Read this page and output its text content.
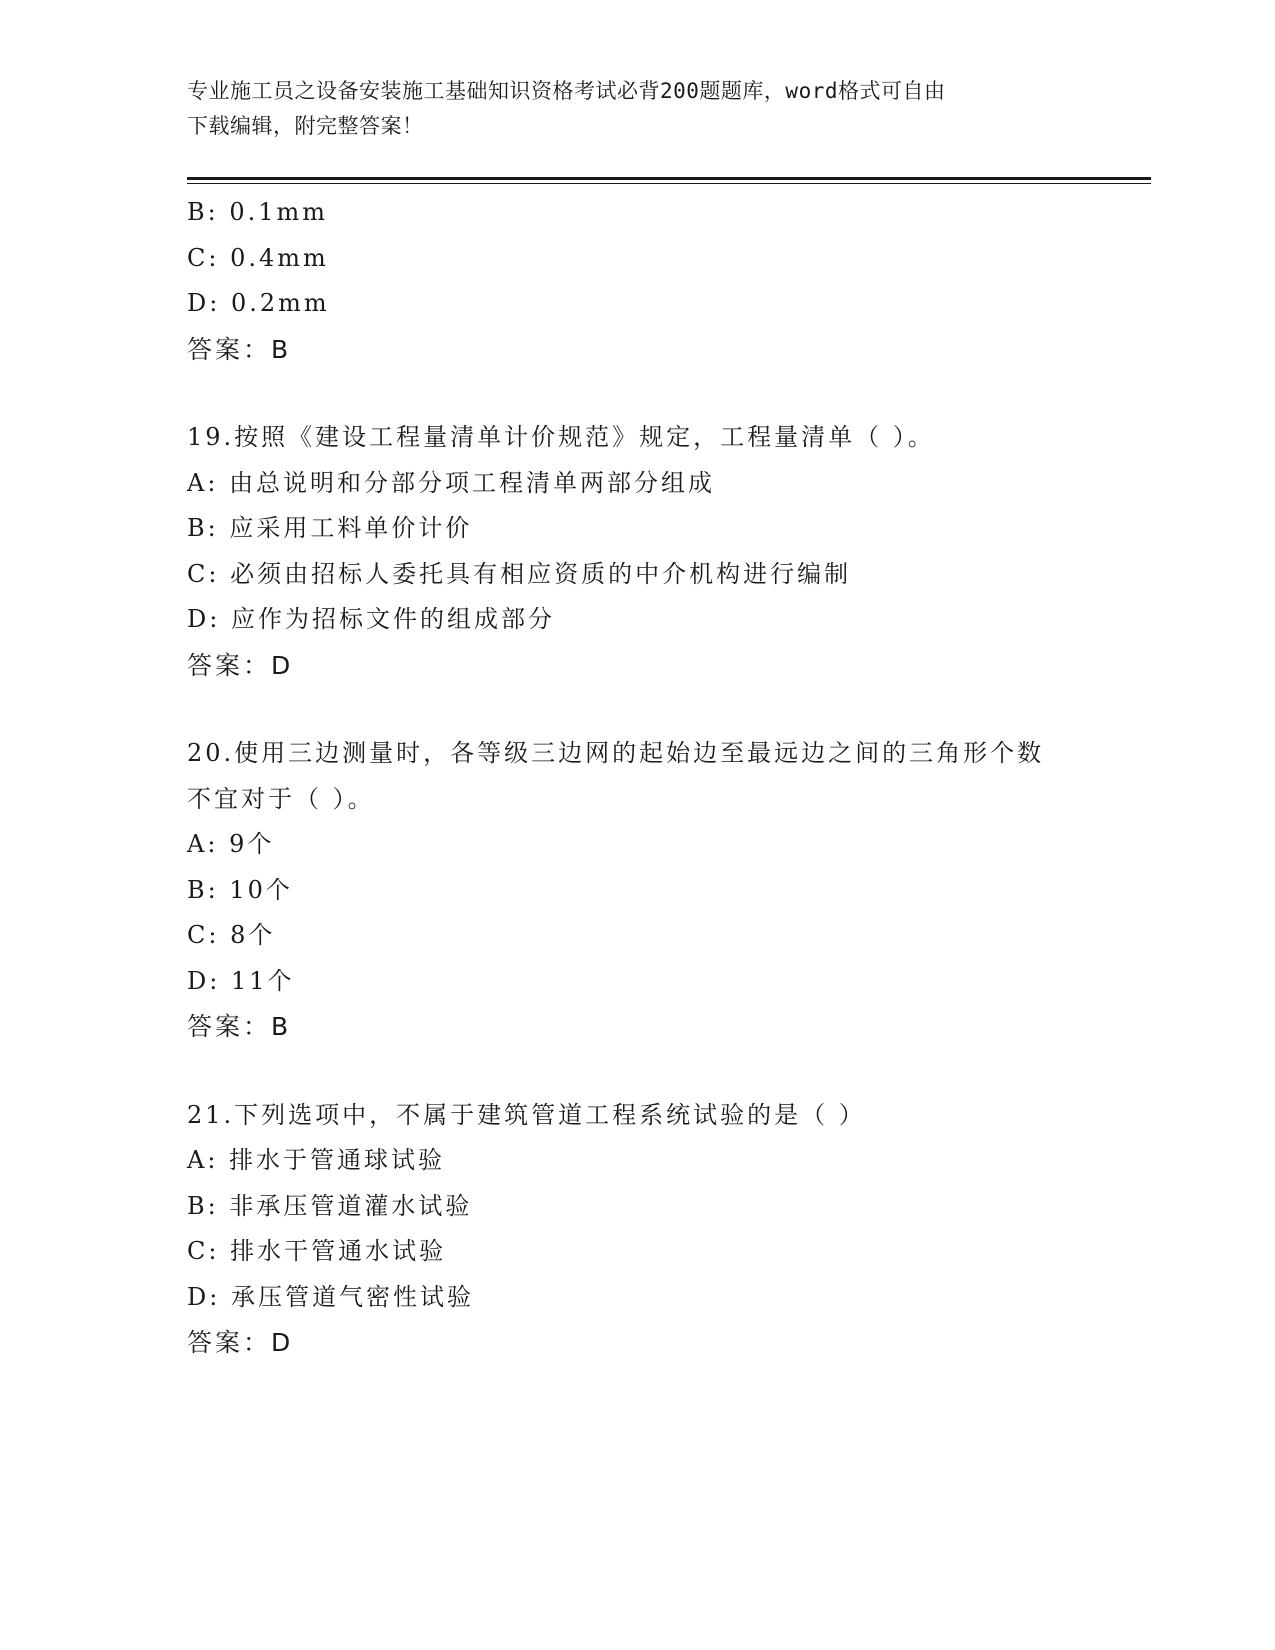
专业施工员之设备安装施工基础知识资格考试必背200题题库，word格式可自由
下载编辑，附完整答案！
B: 0.1mm
C: 0.4mm
D: 0.2mm
答案：B
19.按照《建设工程量清单计价规范》规定，工程量清单（ ）。
A: 由总说明和分部分项工程清单两部分组成
B: 应采用工料单价计价
C: 必须由招标人委托具有相应资质的中介机构进行编制
D: 应作为招标文件的组成部分
答案：D
20.使用三边测量时，各等级三边网的起始边至最远边之间的三角形个数不宜对于（ ）。
A: 9个
B: 10个
C: 8个
D: 11个
答案：B
21.下列选项中，不属于建筑管道工程系统试验的是（ ）
A: 排水于管通球试验
B: 非承压管道灌水试验
C: 排水干管通水试验
D: 承压管道气密性试验
答案：D
